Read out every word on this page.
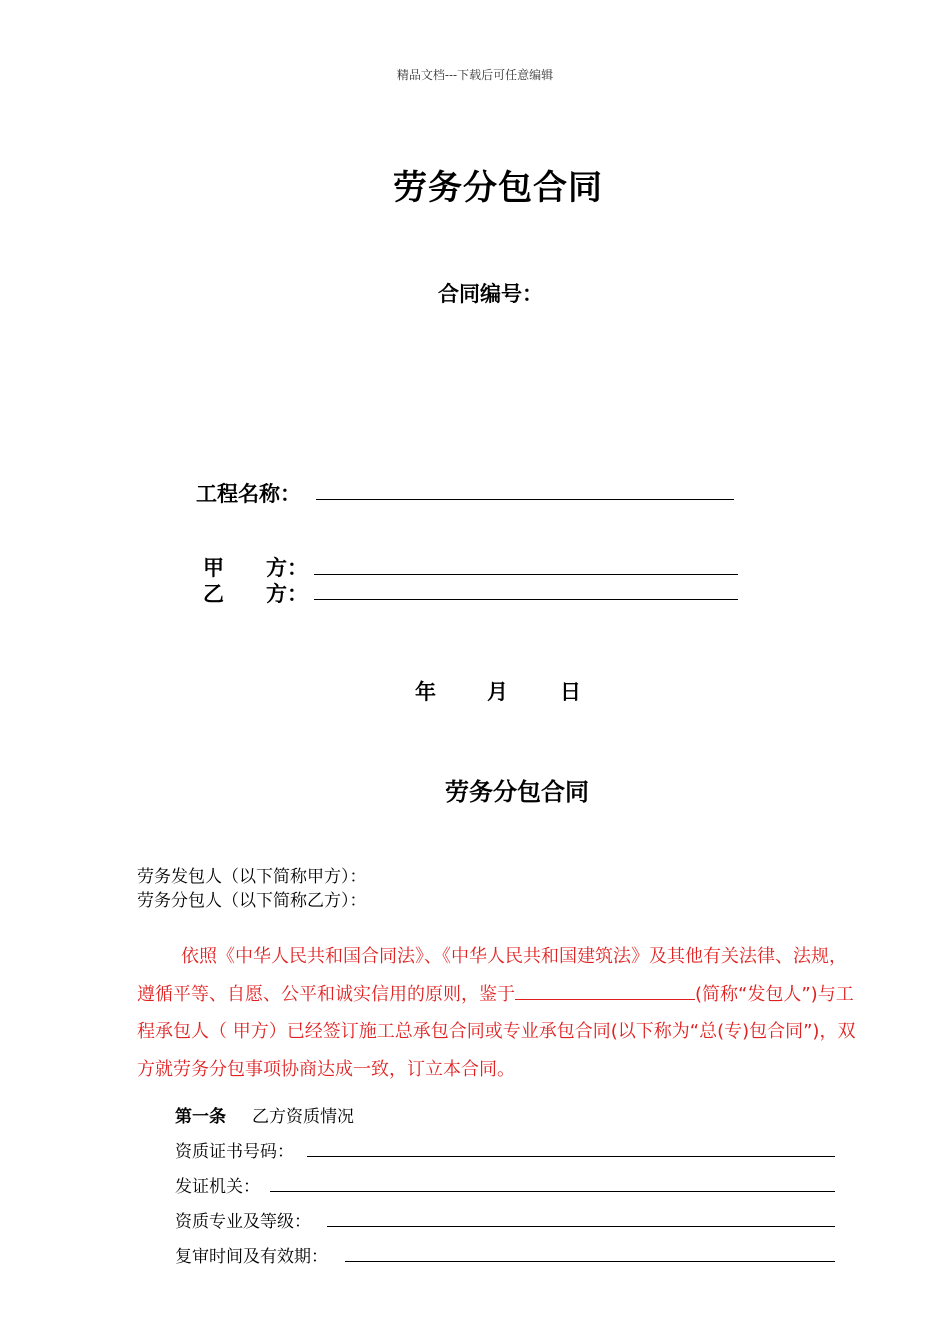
精品文档---下载后可任意编辑
劳务分包合同
合同编号：
工程名称：
甲　　方：
乙　　方：
年 月 日
劳务分包合同
劳务发包人（以下简称甲方）：
劳务分包人（以下简称乙方）：
依照《中华人民共和国合同法》、《中华人民共和国建筑法》及其他有关法律、法规，遵循平等、自愿、公平和诚实信用的原则，鉴于	(简称“发包人”)与工程承包人（ 甲方）已经签订施工总承包合同或专业承包合同(以下称为“总(专)包合同”)，双方就劳务分包事项协商达成一致，订立本合同。
第一条 乙方资质情况
资质证书号码：
发证机关：
资质专业及等级：
复审时间及有效期：
